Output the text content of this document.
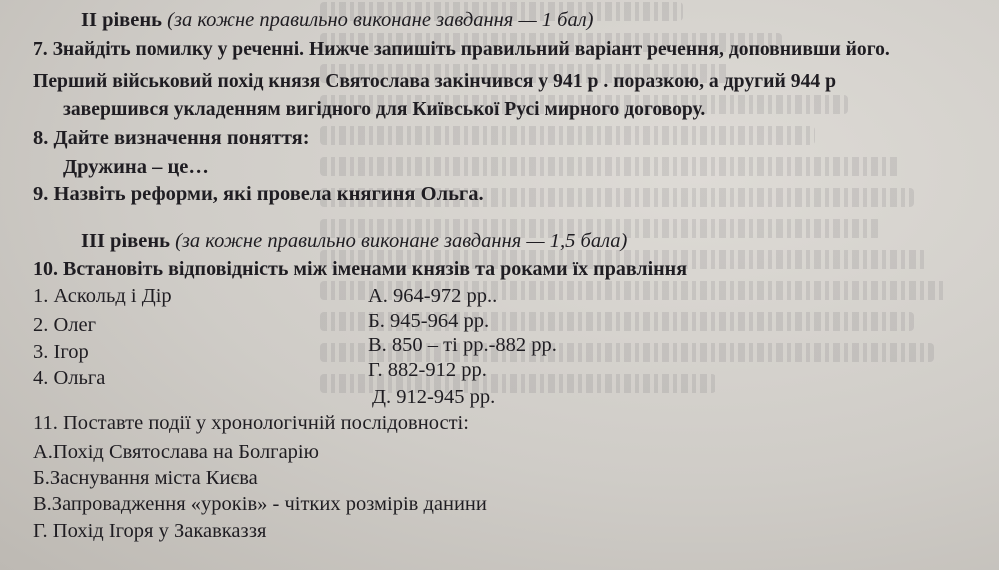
II рівень (за кожне правильно виконане завдання — 1 бал)
7. Знайдіть помилку у реченні. Нижче запишіть правильний варіант речення, доповнивши його.
Перший військовий похід князя Святослава закінчився у 941 р . поразкою, а другий 944 р
завершився укладенням вигідного для Київської Русі мирного договору.
8. Дайте визначення поняття:
Дружина – це…
9. Назвіть реформи, які провела княгиня Ольга.
III рівень (за кожне правильно виконане завдання — 1,5 бала)
10. Встановіть відповідність між іменами князів та роками їх правління
1. Аскольд і Дір
2. Олег
3. Ігор
4. Ольга
А. 964-972 рр..
Б. 945-964 рр.
В. 850 – ті рр.-882 рр.
Г. 882-912 рр.
Д. 912-945 рр.
11. Поставте події у хронологічній послідовності:
А.Похід Святослава на Болгарію
Б.Заснування міста Києва
В.Запровадження «уроків» - чітких розмірів данини
Г. Похід Ігоря у Закавказзя
